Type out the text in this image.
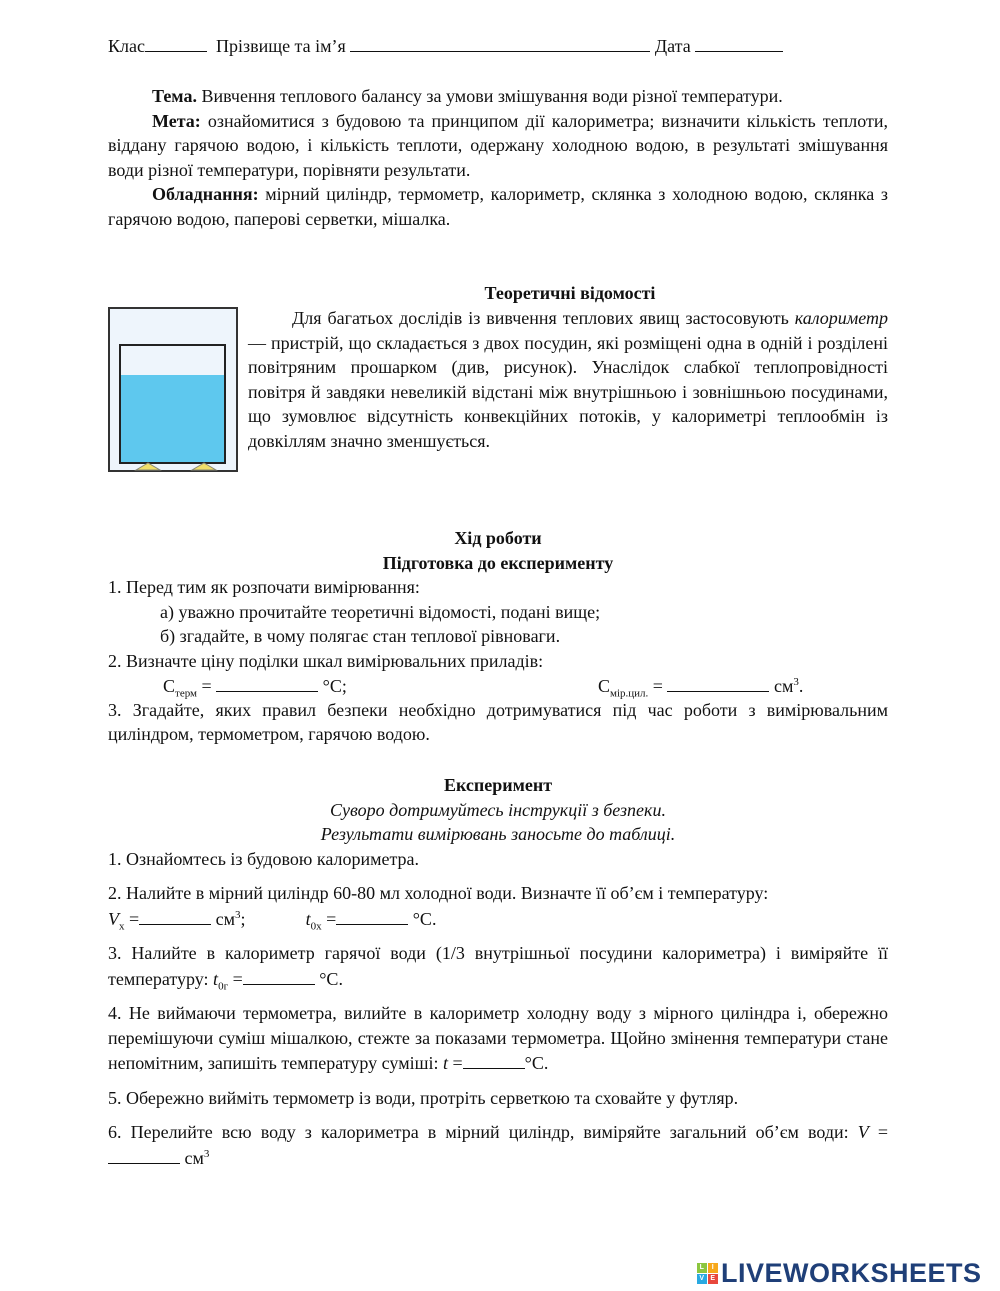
Клас	Прізвище та ім’я	Дата

Тема. Вивчення теплового балансу за умови змішування води різної температури.

Мета: ознайомитися з будовою та принципом дії калориметра; визначити кількість теплоти, віддану гарячою водою, і кількість теплоти, одержану холодною водою, в результаті змішування води різної температури, порівняти результати.

Обладнання: мірний циліндр, термометр, калориметр, склянка з холодною водою, склянка з гарячою водою, паперові серветки, мішалка.

Теоретичні відомості
Для багатьох дослідів із вивчення теплових явищ застосовують калориметр — пристрій, що складається з двох посудин, які розміщені одна в одній і розділені повітряним прошарком (див, рисунок). Унаслідок слабкої теплопровідності повітря й завдяки невеликій відстані між внутрішньою і зовнішньою посудинами, що зумовлює відсутність конвекційних потоків, у калориметрі теплообмін із довкіллям значно зменшується.

Хід роботи

Підготовка до експерименту

1. Перед тим як розпочати вимірювання:

а) уважно прочитайте теоретичні відомості, подані вище;

б) згадайте, в чому полягає стан теплової рівноваги.

2. Визначте ціну поділки шкал вимірювальних приладів:

$C_{терм}$ =	°C;	$C_{мір.цил.}$ =	$см^3$.

3. Згадайте, яких правил безпеки необхідно дотримуватися під час роботи з вимірювальним циліндром, термометром, гарячою водою.

Експеримент

Суворо дотримуйтесь інструкції з безпеки.

Результати вимірювань заносьте до таблиці.

1. Ознайомтесь із будовою калориметра.

2. Налийте в мірний циліндр 60-80 мл холодної води. Визначте її об’єм і температуру:

$V_х$ =	$см^3$;	$t_{0х}$ =	°C.

3. Налийте в калориметр гарячої води (1/3 внутрішньої посудини калориметра) і виміряйте її температуру: $t_{0г}$ =	°C.

4. Не виймаючи термометра, вилийте в калориметр холодну воду з мірного циліндра і, обережно перемішуючи суміш мішалкою, стежте за показами термометра. Щойно змінення температури стане непомітним, запишіть температуру суміші: t =	°C.

5. Обережно вийміть термометр із води, протріть серветкою та сховайте у футляр.

6. Перелийте всю воду з калориметра в мірний циліндр, виміряйте загальний об’єм води: $V = см^3$

L	I
V E LIVEWORKSHEETS
